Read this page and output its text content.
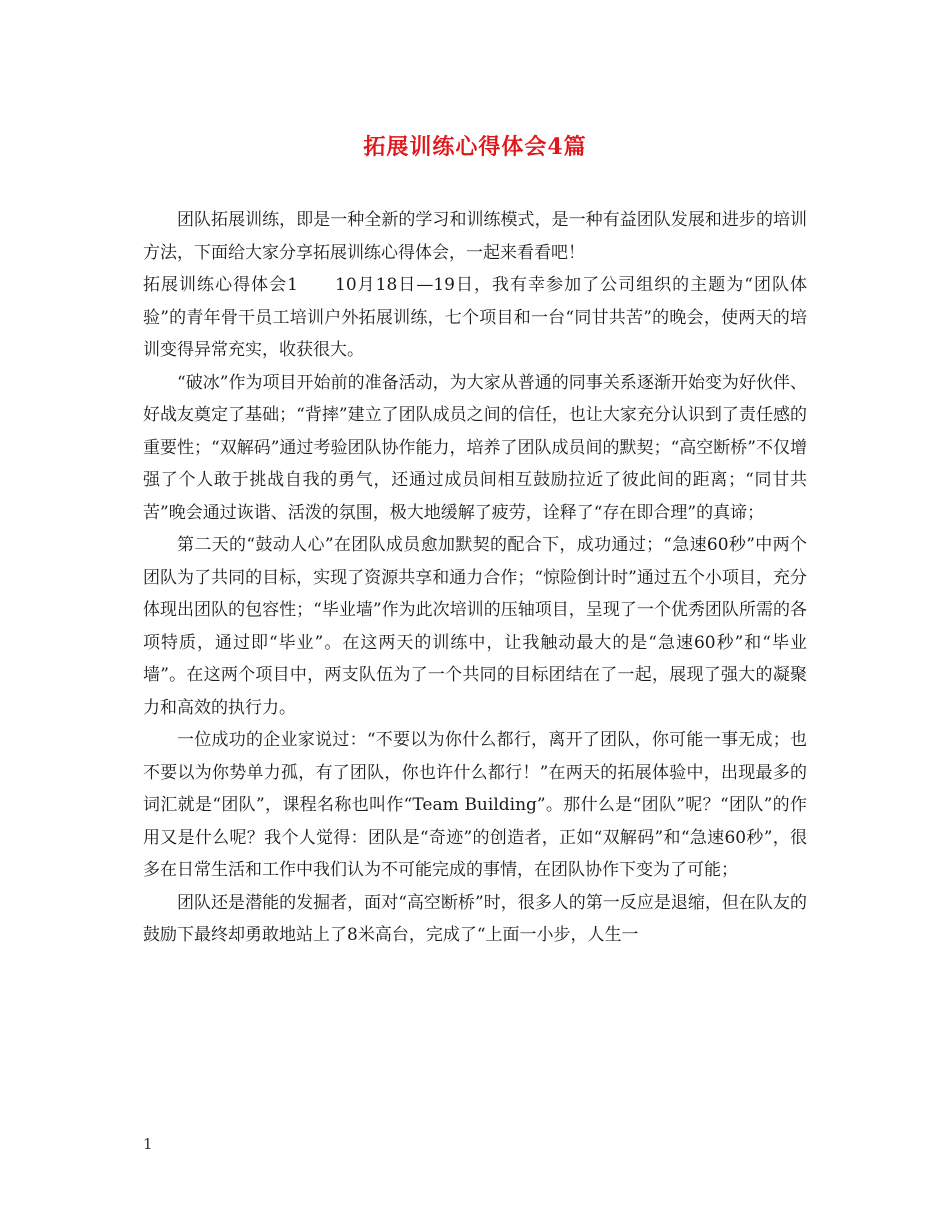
拓展训练心得体会4篇

团队拓展训练，即是一种全新的学习和训练模式，是一种有益团队发展和进步的培训方法，下面给大家分享拓展训练心得体会，一起来看看吧！

拓展训练心得体会1　　10月18日—19日，我有幸参加了公司组织的主题为“团队体验”的青年骨干员工培训户外拓展训练，七个项目和一台“同甘共苦”的晚会，使两天的培训变得异常充实，收获很大。

“破冰”作为项目开始前的准备活动，为大家从普通的同事关系逐渐开始变为好伙伴、好战友奠定了基础；“背摔”建立了团队成员之间的信任，也让大家充分认识到了责任感的重要性；“双解码”通过考验团队协作能力，培养了团队成员间的默契；“高空断桥”不仅增强了个人敢于挑战自我的勇气，还通过成员间相互鼓励拉近了彼此间的距离；“同甘共苦”晚会通过诙谐、活泼的氛围，极大地缓解了疲劳，诠释了“存在即合理”的真谛；

第二天的“鼓动人心”在团队成员愈加默契的配合下，成功通过；“急速60秒”中两个团队为了共同的目标，实现了资源共享和通力合作；“惊险倒计时”通过五个小项目，充分体现出团队的包容性；“毕业墙”作为此次培训的压轴项目，呈现了一个优秀团队所需的各项特质，通过即“毕业”。在这两天的训练中，让我触动最大的是“急速60秒”和“毕业墙”。在这两个项目中，两支队伍为了一个共同的目标团结在了一起，展现了强大的凝聚力和高效的执行力。

一位成功的企业家说过：“不要以为你什么都行，离开了团队，你可能一事无成；也不要以为你势单力孤，有了团队，你也许什么都行！”在两天的拓展体验中，出现最多的词汇就是“团队”，课程名称也叫作“Team Building”。那什么是“团队”呢？“团队”的作用又是什么呢？我个人觉得：团队是“奇迹”的创造者，正如“双解码”和“急速60秒”，很多在日常生活和工作中我们认为不可能完成的事情，在团队协作下变为了可能；

团队还是潜能的发掘者，面对“高空断桥”时，很多人的第一反应是退缩，但在队友的鼓励下最终却勇敢地站上了8米高台，完成了“上面一小步，人生一

1
